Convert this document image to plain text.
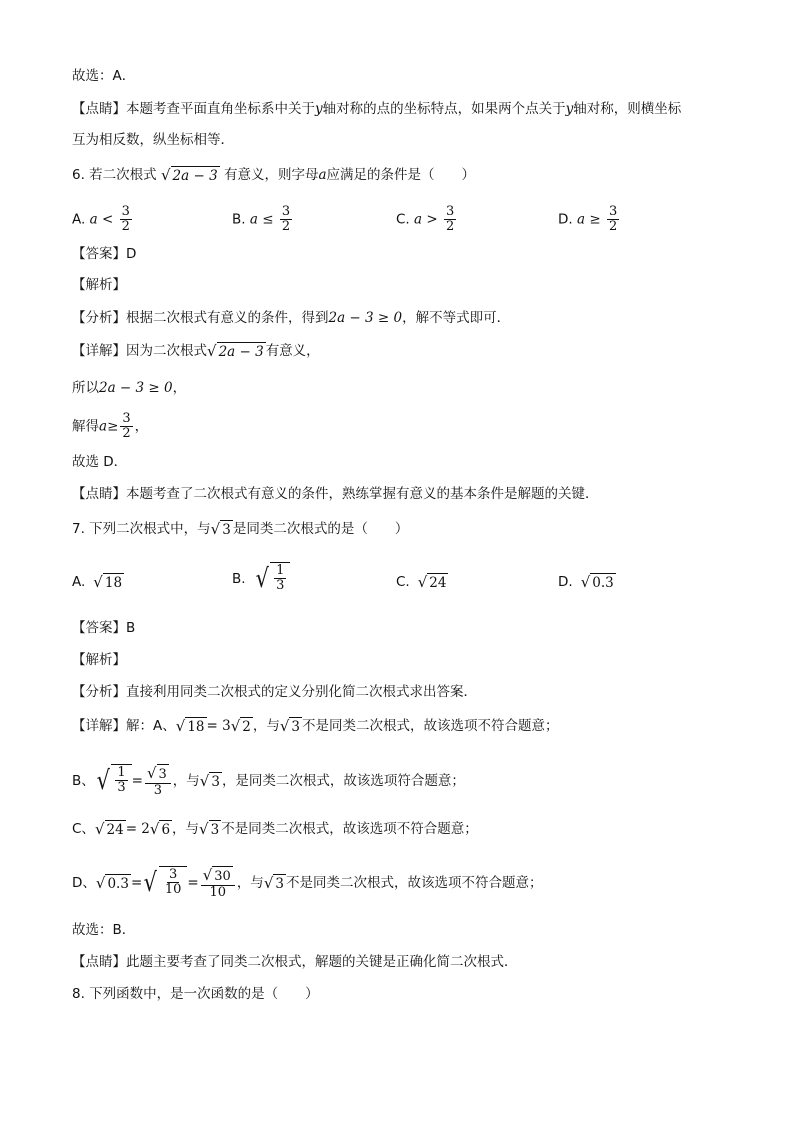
故选：A．
【点睛】本题考查平面直角坐标系中关于y轴对称的点的坐标特点，如果两个点关于y轴对称，则横坐标
互为相反数，纵坐标相等．
6. 若二次根式 √ 2a − 3 有意义，则字母a应满足的条件是（　　）
A. $a < \frac{3}{2}$	B. $a \le \frac{3}{2}$	C. $a > \frac{3}{2}$	D. $a \ge \frac{3}{2}$
【答案】D
【解析】
【分析】根据二次根式有意义的条件，得到2a − 3 ≥ 0，解不等式即可．
【详解】因为二次根式 √ 2a − 3 有意义，
所以2a − 3 ≥ 0，
解得$a\ge \frac{3}{2}$ ，
故选 D．
【点睛】本题考查了二次根式有意义的条件，熟练掌握有意义的基本条件是解题的关键．
7. 下列二次根式中，与 √ 3 是同类二次根式的是（　　）
A. √ 18	B. √ $\frac{1}{3}$	C. √ 24	D. √ 0.3
【答案】B
【解析】
【分析】直接利用同类二次根式的定义分别化简二次根式求出答案．
【详解】解：A、 √ 18 = 3 √ 2 ，与 √ 3 不是同类二次根式，故该选项不符合题意；
B、 √ $\frac{1}{3} = \frac{√ 3}{3}$ ，与 √ 3 ，是同类二次根式，故该选项符合题意；
C、 √ 24 = 2 √ 6 ，与 √ 3 不是同类二次根式，故该选项不符合题意；
D、 √ 0.3 = √ $\frac{3}{10} = \frac{√ 30}{10}$ ，与 √ 3 不是同类二次根式，故该选项不符合题意；
故选：B．
【点睛】此题主要考查了同类二次根式，解题的关键是正确化简二次根式．
8. 下列函数中，是一次函数的是（　　）
